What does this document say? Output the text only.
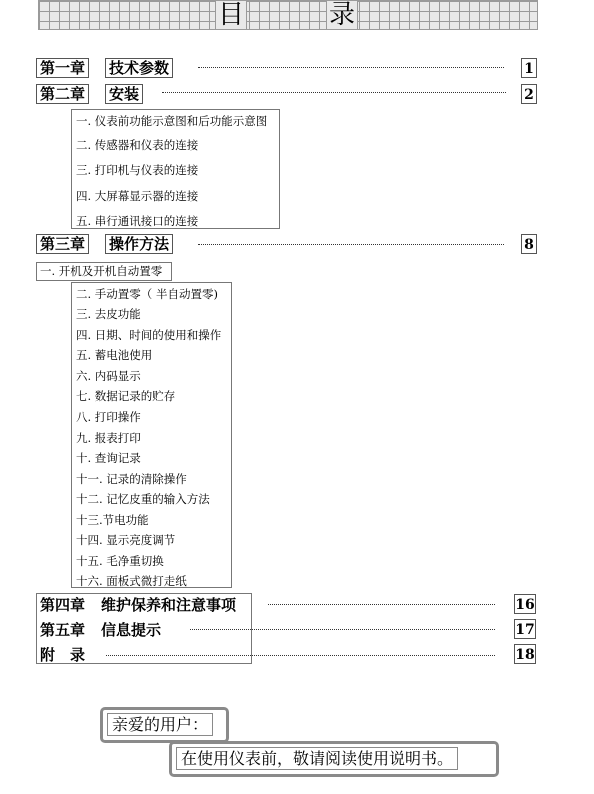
目	录
第一章 技术参数	1
第二章 安装	2
一. 仪表前功能示意图和后功能示意图
二. 传感器和仪表的连接
三. 打印机与仪表的连接
四. 大屏幕显示器的连接
五. 串行通讯接口的连接
第三章 操作方法	8
一. 开机及开机自动置零
二. 手动置零（ 半自动置零)
三. 去皮功能
四. 日期、时间的使用和操作
五. 蓄电池使用
六. 内码显示
七. 数据记录的贮存
八. 打印操作
九. 报表打印
十. 查询记录
十一. 记录的清除操作
十二. 记忆皮重的输入方法
十三.节电功能
十四. 显示亮度调节
十五. 毛净重切换
十六. 面板式微打走纸
第四章 维护保养和注意事项	16
第五章 信息提示	17
附　录	18
亲爱的用户：
在使用仪表前，敬请阅读使用说明书。
